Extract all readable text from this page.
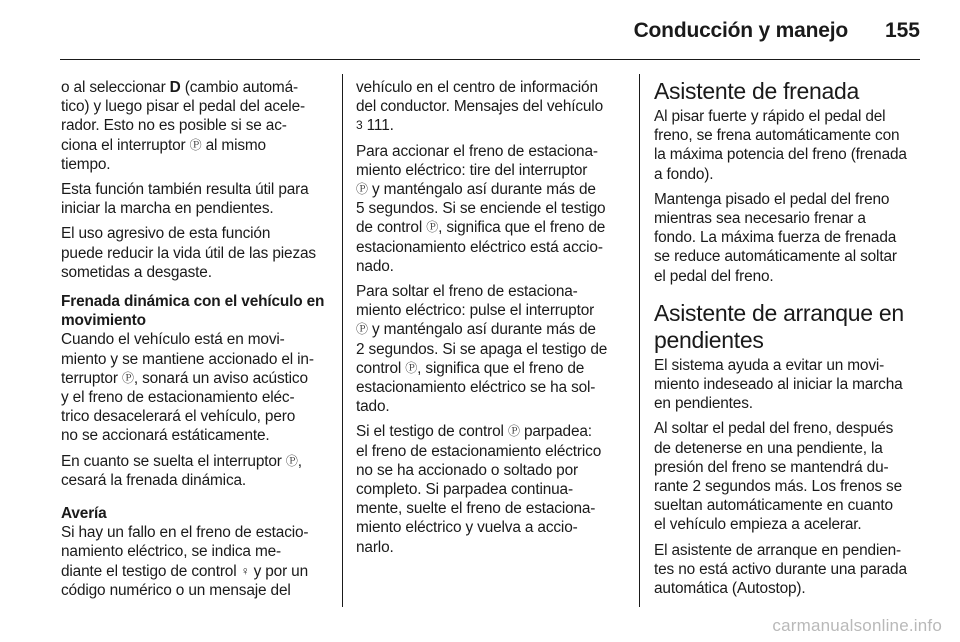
Conducción y manejo 155
o al seleccionar D (cambio automá-
tico) y luego pisar el pedal del acele-
rador. Esto no es posible si se ac-
ciona el interruptor Ⓟ al mismo
tiempo.
Esta función también resulta útil para
iniciar la marcha en pendientes.
El uso agresivo de esta función
puede reducir la vida útil de las piezas
sometidas a desgaste.
Frenada dinámica con el vehículo en
movimiento
Cuando el vehículo está en movi-
miento y se mantiene accionado el in-
terruptor Ⓟ, sonará un aviso acústico
y el freno de estacionamiento eléc-
trico desacelerará el vehículo, pero
no se accionará estáticamente.
En cuanto se suelta el interruptor Ⓟ,
cesará la frenada dinámica.
Avería
Si hay un fallo en el freno de estacio-
namiento eléctrico, se indica me-
diante el testigo de control ♀ y por un
código numérico o un mensaje del
vehículo en el centro de información
del conductor. Mensajes del vehículo
3 111.
Para accionar el freno de estaciona-
miento eléctrico: tire del interruptor
Ⓟ y manténgalo así durante más de
5 segundos. Si se enciende el testigo
de control Ⓟ, significa que el freno de
estacionamiento eléctrico está accio-
nado.
Para soltar el freno de estaciona-
miento eléctrico: pulse el interruptor
Ⓟ y manténgalo así durante más de
2 segundos. Si se apaga el testigo de
control Ⓟ, significa que el freno de
estacionamiento eléctrico se ha sol-
tado.
Si el testigo de control Ⓟ parpadea:
el freno de estacionamiento eléctrico
no se ha accionado o soltado por
completo. Si parpadea continua-
mente, suelte el freno de estaciona-
miento eléctrico y vuelva a accio-
narlo.
Asistente de frenada
Al pisar fuerte y rápido el pedal del
freno, se frena automáticamente con
la máxima potencia del freno (frenada
a fondo).
Mantenga pisado el pedal del freno
mientras sea necesario frenar a
fondo. La máxima fuerza de frenada
se reduce automáticamente al soltar
el pedal del freno.
Asistente de arranque en
pendientes
El sistema ayuda a evitar un movi-
miento indeseado al iniciar la marcha
en pendientes.
Al soltar el pedal del freno, después
de detenerse en una pendiente, la
presión del freno se mantendrá du-
rante 2 segundos más. Los frenos se
sueltan automáticamente en cuanto
el vehículo empieza a acelerar.
El asistente de arranque en pendien-
tes no está activo durante una parada
automática (Autostop).
carmanualsonline.info
